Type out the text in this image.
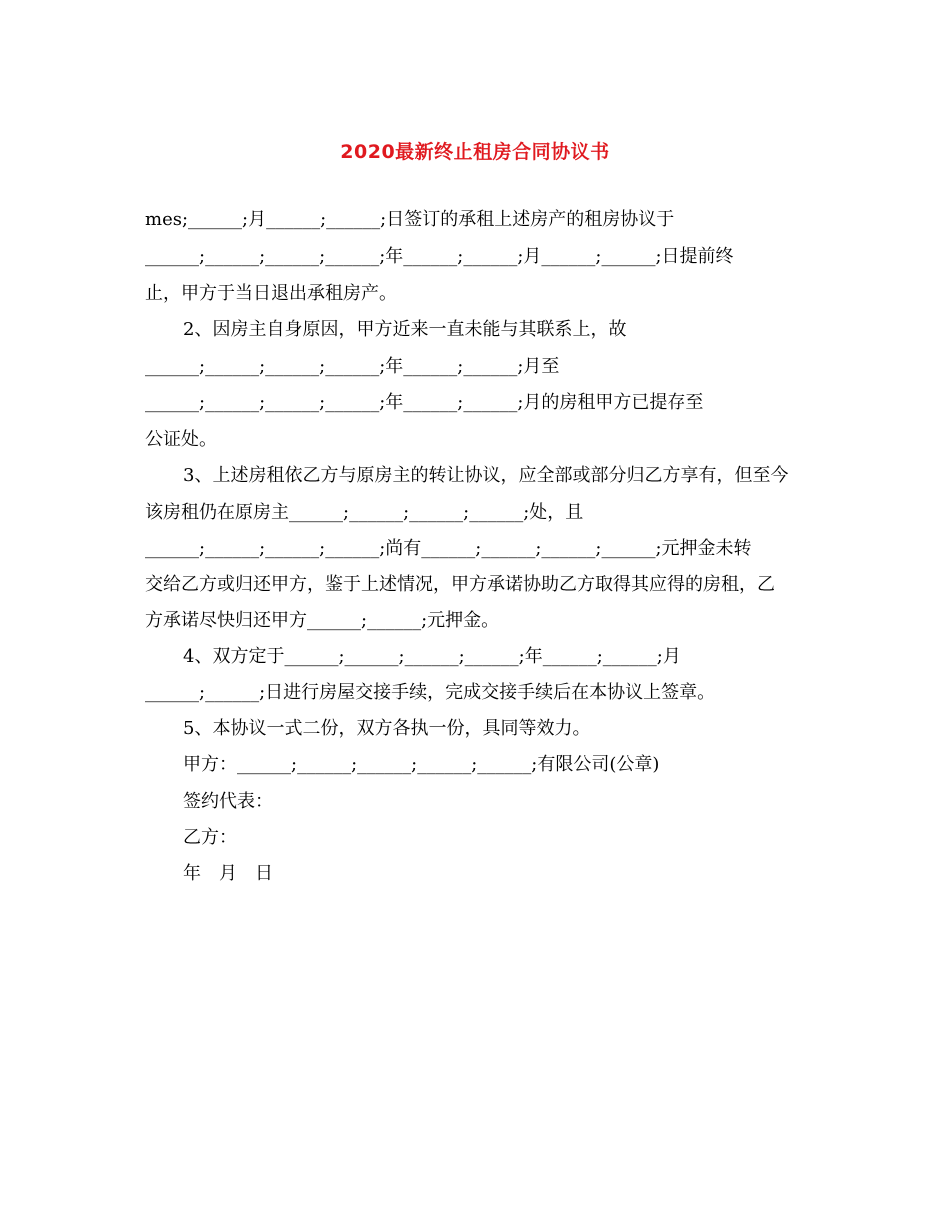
2020最新终止租房合同协议书
mes;______;月______;______;日签订的承租上述房产的租房协议于
______;______;______;______;年______;______;月______;______;日提前终
止，甲方于当日退出承租房产。
2、因房主自身原因，甲方近来一直未能与其联系上，故
______;______;______;______;年______;______;月至
______;______;______;______;年______;______;月的房租甲方已提存至
公证处。
3、上述房租依乙方与原房主的转让协议，应全部或部分归乙方享有，但至今
该房租仍在原房主______;______;______;______;处，且
______;______;______;______;尚有______;______;______;______;元押金未转
交给乙方或归还甲方，鉴于上述情况，甲方承诺协助乙方取得其应得的房租，乙
方承诺尽快归还甲方______;______;元押金。
4、双方定于______;______;______;______;年______;______;月
______;______;日进行房屋交接手续，完成交接手续后在本协议上签章。
5、本协议一式二份，双方各执一份，具同等效力。
甲方：______;______;______;______;______;有限公司(公章)
签约代表：
乙方：
年　月　日
